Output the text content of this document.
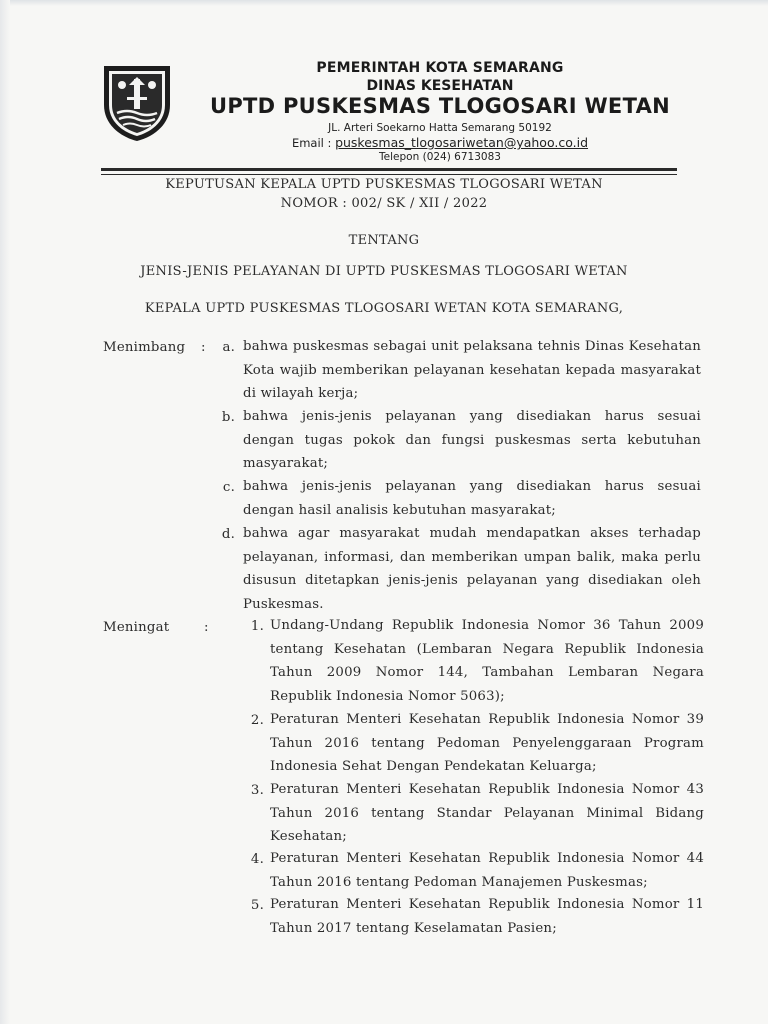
PEMERINTAH KOTA SEMARANG
DINAS KESEHATAN
UPTD PUSKESMAS TLOGOSARI WETAN
JL. Arteri Soekarno Hatta Semarang 50192
Email : puskesmas_tlogosariwetan@yahoo.co.id
Telepon (024) 6713083
KEPUTUSAN KEPALA UPTD PUSKESMAS TLOGOSARI WETAN
NOMOR : 002/ SK / XII / 2022
TENTANG
JENIS-JENIS PELAYANAN DI UPTD PUSKESMAS TLOGOSARI WETAN
KEPALA UPTD PUSKESMAS TLOGOSARI WETAN KOTA SEMARANG,
Menimbang :	a. bahwa puskesmas sebagai unit pelaksana tehnis Dinas Kesehatan Kota wajib memberikan pelayanan kesehatan kepada masyarakat di wilayah kerja;
b. bahwa jenis-jenis pelayanan yang disediakan harus sesuai dengan tugas pokok dan fungsi puskesmas serta kebutuhan masyarakat;
c. bahwa jenis-jenis pelayanan yang disediakan harus sesuai dengan hasil analisis kebutuhan masyarakat;
d. bahwa agar masyarakat mudah mendapatkan akses terhadap pelayanan, informasi, dan memberikan umpan balik, maka perlu disusun ditetapkan jenis-jenis pelayanan yang disediakan oleh Puskesmas.
Meningat	:	1. Undang-Undang Republik Indonesia Nomor 36 Tahun 2009 tentang Kesehatan (Lembaran Negara Republik Indonesia Tahun 2009 Nomor 144, Tambahan Lembaran Negara Republik Indonesia Nomor 5063);
2. Peraturan Menteri Kesehatan Republik Indonesia Nomor 39 Tahun 2016 tentang Pedoman Penyelenggaraan Program Indonesia Sehat Dengan Pendekatan Keluarga;
3. Peraturan Menteri Kesehatan Republik Indonesia Nomor 43 Tahun 2016 tentang Standar Pelayanan Minimal Bidang Kesehatan;
4. Peraturan Menteri Kesehatan Republik Indonesia Nomor 44 Tahun 2016 tentang Pedoman Manajemen Puskesmas;
5. Peraturan Menteri Kesehatan Republik Indonesia Nomor 11 Tahun 2017 tentang Keselamatan Pasien;
